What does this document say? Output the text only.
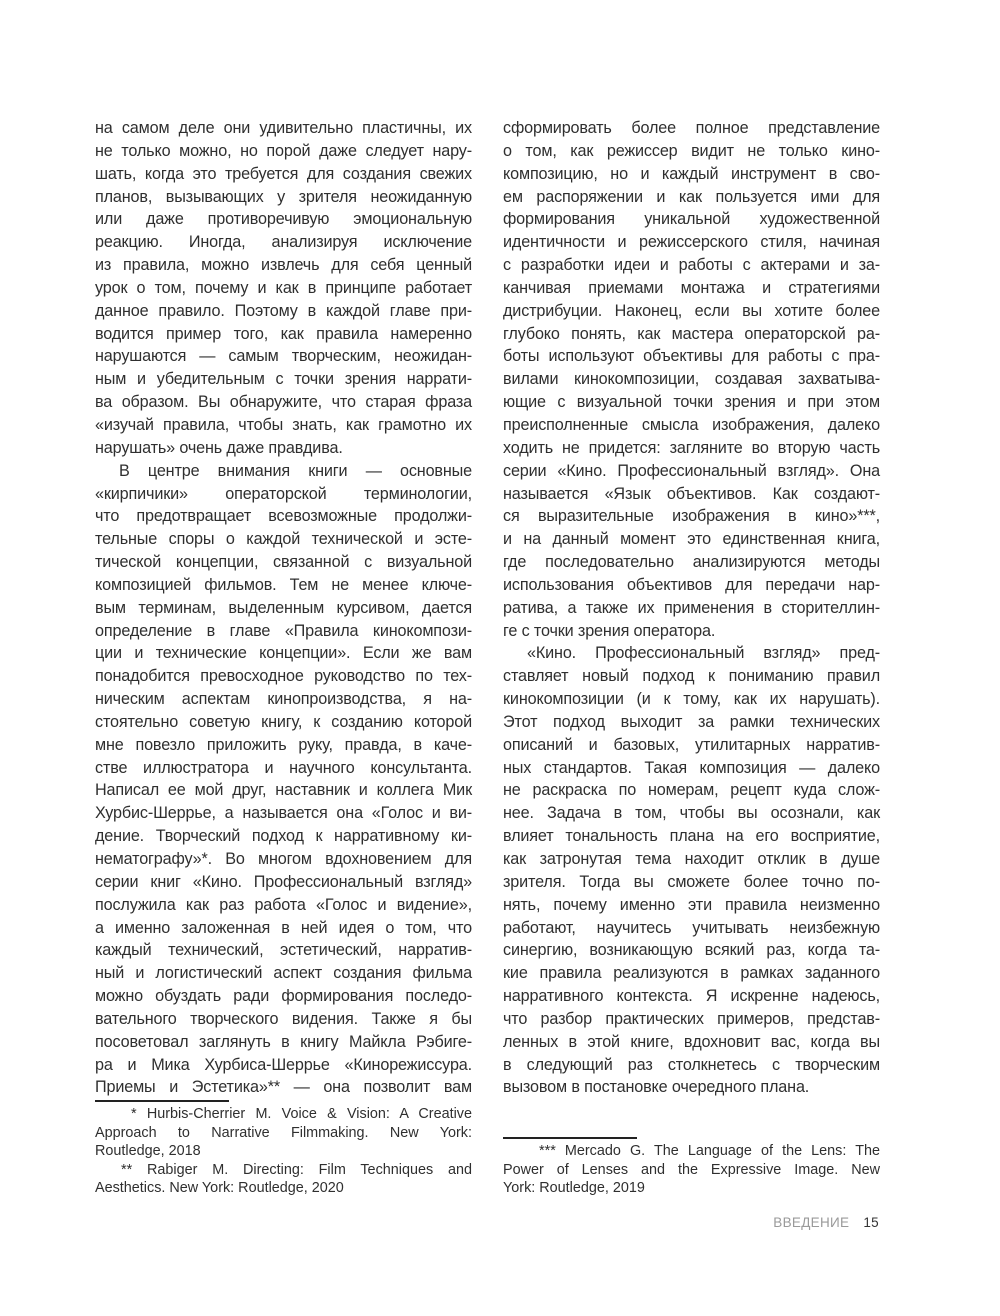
на самом деле они удивительно пластичны, их
не только можно, но порой даже следует нару-
шать, когда это требуется для создания свежих
планов, вызывающих у зрителя неожиданную
или даже противоречивую эмоциональную
реакцию. Иногда, анализируя исключение
из правила, можно извлечь для себя ценный
урок о том, почему и как в принципе работает
данное правило. Поэтому в каждой главе при-
водится пример того, как правила намеренно
нарушаются — самым творческим, неожидан-
ным и убедительным с точки зрения наррати-
ва образом. Вы обнаружите, что старая фраза
«изучай правила, чтобы знать, как грамотно их
нарушать» очень даже правдива.
В центре внимания книги — основные
«кирпичики» операторской терминологии,
что предотвращает всевозможные продолжи-
тельные споры о каждой технической и эсте-
тической концепции, связанной с визуальной
композицией фильмов. Тем не менее ключе-
вым терминам, выделенным курсивом, дается
определение в главе «Правила кинокомпози-
ции и технические концепции». Если же вам
понадобится превосходное руководство по тех-
ническим аспектам кинопроизводства, я на-
стоятельно советую книгу, к созданию которой
мне повезло приложить руку, правда, в каче-
стве иллюстратора и научного консультанта.
Написал ее мой друг, наставник и коллега Мик
Хурбис-Шеррье, а называется она «Голос и ви-
дение. Творческий подход к нарративному ки-
нематографу»*. Во многом вдохновением для
серии книг «Кино. Профессиональный взгляд»
послужила как раз работа «Голос и видение»,
а именно заложенная в ней идея о том, что
каждый технический, эстетический, нарратив-
ный и логистический аспект создания фильма
можно обуздать ради формирования последо-
вательного творческого видения. Также я бы
посоветовал заглянуть в книгу Майкла Рэбиге-
ра и Мика Хурбиса-Шеррье «Кинорежиссура.
Приемы и Эстетика»** — она позволит вам
сформировать более полное представление
о том, как режиссер видит не только кино-
композицию, но и каждый инструмент в сво-
ем распоряжении и как пользуется ими для
формирования уникальной художественной
идентичности и режиссерского стиля, начиная
с разработки идеи и работы с актерами и за-
канчивая приемами монтажа и стратегиями
дистрибуции. Наконец, если вы хотите более
глубоко понять, как мастера операторской ра-
боты используют объективы для работы с пра-
вилами кинокомпозиции, создавая захватыва-
ющие с визуальной точки зрения и при этом
преисполненные смысла изображения, далеко
ходить не придется: загляните во вторую часть
серии «Кино. Профессиональный взгляд». Она
называется «Язык объективов. Как создают-
ся выразительные изображения в кино»***,
и на данный момент это единственная книга,
где последовательно анализируются методы
использования объективов для передачи нар-
ратива, а также их применения в сторителлин-
ге с точки зрения оператора.
«Кино. Профессиональный взгляд» пред-
ставляет новый подход к пониманию правил
кинокомпозиции (и к тому, как их нарушать).
Этот подход выходит за рамки технических
описаний и базовых, утилитарных нарратив-
ных стандартов. Такая композиция — далеко
не раскраска по номерам, рецепт куда слож-
нее. Задача в том, чтобы вы осознали, как
влияет тональность плана на его восприятие,
как затронутая тема находит отклик в душе
зрителя. Тогда вы сможете более точно по-
нять, почему именно эти правила неизменно
работают, научитесь учитывать неизбежную
синергию, возникающую всякий раз, когда та-
кие правила реализуются в рамках заданного
нарративного контекста. Я искренне надеюсь,
что разбор практических примеров, представ-
ленных в этой книге, вдохновит вас, когда вы
в следующий раз столкнетесь с творческим
вызовом в постановке очередного плана.
* Hurbis-Cherrier M. Voice & Vision: A Creative
Approach to Narrative Filmmaking. New York:
Routledge, 2018
** Rabiger M. Directing: Film Techniques and
Aesthetics. New York: Routledge, 2020
*** Mercado G. The Language of the Lens: The
Power of Lenses and the Expressive Image. New
York: Routledge, 2019
ВВЕДЕНИЕ 15
